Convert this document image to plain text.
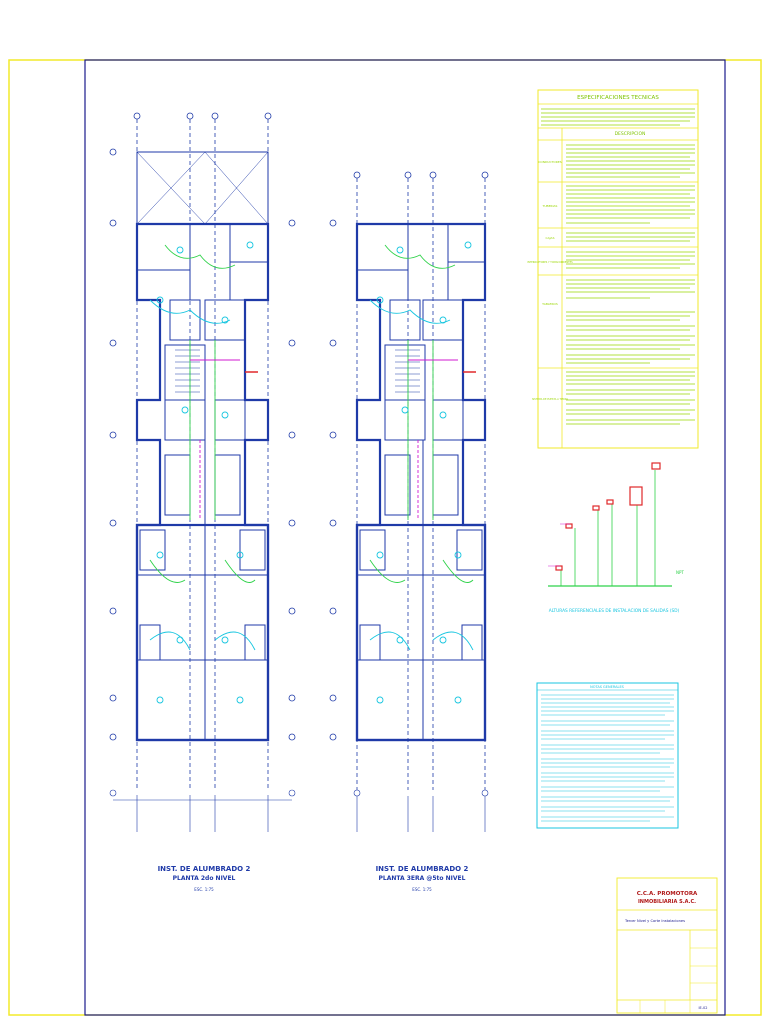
INST. DE ALUMBRADO 2
PLANTA 2do NIVEL
ESC. 1:75
INST. DE ALUMBRADO 2
PLANTA 3ERA @5to NIVEL
ESC. 1:75
ESPECIFICACIONES TECNICAS
DESCRIPCION
CONDUCTORES
TUBERIAS
CAJAS
INTERRUPTORES Y TOMACORRIENTES
TABLEROS
SISTEMA DE PUESTA A TIERRA
NPT
ALTURAS REFERENCIALES DE INSTALACION DE SALIDAS (SD)
NOTAS GENERALES
C.C.A. PROMOTORA
INMOBILIARIA S.A.C.
Tercer Nivel y Corte Instalaciones
IE-02
